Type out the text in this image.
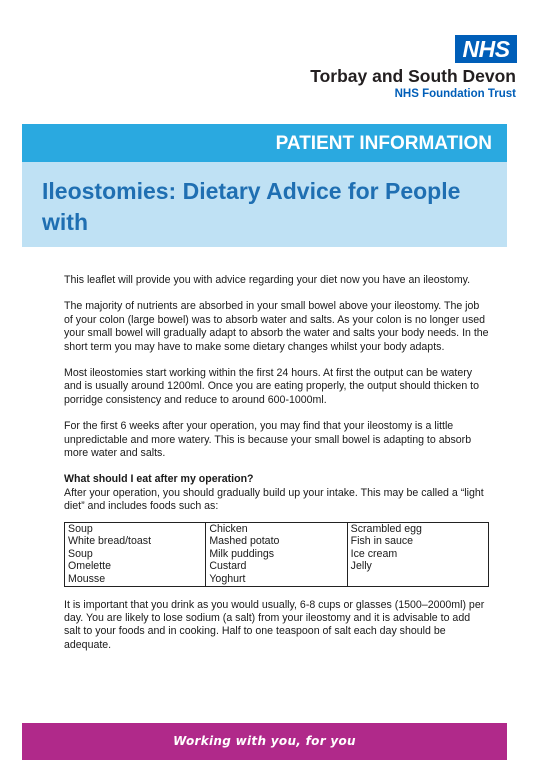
NHS
Torbay and South Devon
NHS Foundation Trust
PATIENT INFORMATION
Ileostomies: Dietary Advice for People with

This leaflet will provide you with advice regarding your diet now you have an ileostomy.

The majority of nutrients are absorbed in your small bowel above your ileostomy. The job of your colon (large bowel) was to absorb water and salts. As your colon is no longer used your small bowel will gradually adapt to absorb the water and salts your body needs. In the short term you may have to make some dietary changes whilst your body adapts.

Most ileostomies start working within the first 24 hours. At first the output can be watery and is usually around 1200ml. Once you are eating properly, the output should thicken to porridge consistency and reduce to around 600-1000ml.

For the first 6 weeks after your operation, you may find that your ileostomy is a little unpredictable and more watery. This is because your small bowel is adapting to absorb more water and salts.

What should I eat after my operation?

After your operation, you should gradually build up your intake. This may be called a “light diet” and includes foods such as:

Soup	Chicken	Scrambled egg
White bread/toast	Mashed potato	Fish in sauce
Soup	Milk puddings	Ice cream
Omelette	Custard	Jelly
Mousse	Yoghurt	

It is important that you drink as you would usually, 6-8 cups or glasses (1500–2000ml) per day. You are likely to lose sodium (a salt) from your ileostomy and it is advisable to add salt to your foods and in cooking. Half to one teaspoon of salt each day should be adequate.

Working with you, for you
